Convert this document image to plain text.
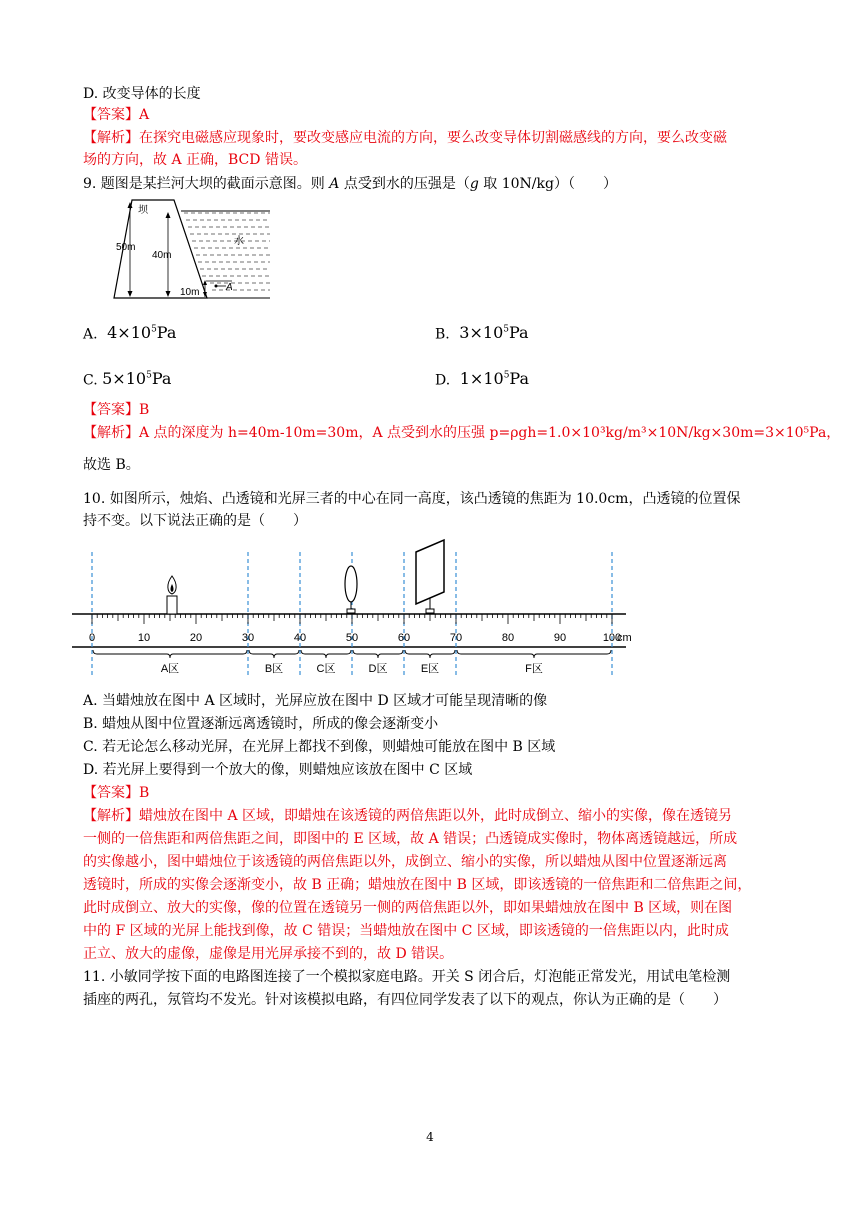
D. 改变导体的长度
【答案】A
【解析】在探究电磁感应现象时，要改变感应电流的方向，要么改变导体切割磁感线的方向，要么改变磁
场的方向，故 A 正确，BCD 错误。
9. 题图是某拦河大坝的截面示意图。则 A 点受到水的压强是（g 取 10N/kg）（　　）
坝
水
50m
40m
10m	A
A. $4\times 10^5Pa$	B. $3\times 10^5Pa$
C. $5\times 10^5Pa$	D. $1\times 10^5Pa$
【答案】B
【解析】A 点的深度为 h=40m-10m=30m，A 点受到水的压强 p=ρgh=1.0×10³kg/m³×10N/kg×30m=3×10⁵Pa，
故选 B。
10. 如图所示，烛焰、凸透镜和光屏三者的中心在同一高度，该凸透镜的焦距为 10.0cm，凸透镜的位置保
持不变。以下说法正确的是（　　）
0	10	20	30	40	50	60	70	80	90	100
cm
A区	B区	C区	D区	E区	F区
A. 当蜡烛放在图中 A 区域时，光屏应放在图中 D 区域才可能呈现清晰的像
B. 蜡烛从图中位置逐渐远离透镜时，所成的像会逐渐变小
C. 若无论怎么移动光屏，在光屏上都找不到像，则蜡烛可能放在图中 B 区域
D. 若光屏上要得到一个放大的像，则蜡烛应该放在图中 C 区域
【答案】B
【解析】蜡烛放在图中 A 区域，即蜡烛在该透镜的两倍焦距以外，此时成倒立、缩小的实像，像在透镜另
一侧的一倍焦距和两倍焦距之间，即图中的 E 区域，故 A 错误；凸透镜成实像时，物体离透镜越远，所成
的实像越小，图中蜡烛位于该透镜的两倍焦距以外，成倒立、缩小的实像，所以蜡烛从图中位置逐渐远离
透镜时，所成的实像会逐渐变小，故 B 正确；蜡烛放在图中 B 区域，即该透镜的一倍焦距和二倍焦距之间，
此时成倒立、放大的实像，像的位置在透镜另一侧的两倍焦距以外，即如果蜡烛放在图中 B 区域，则在图
中的 F 区域的光屏上能找到像，故 C 错误；当蜡烛放在图中 C 区域，即该透镜的一倍焦距以内，此时成
正立、放大的虚像，虚像是用光屏承接不到的，故 D 错误。
11. 小敏同学按下面的电路图连接了一个模拟家庭电路。开关 S 闭合后，灯泡能正常发光，用试电笔检测
插座的两孔，氖管均不发光。针对该模拟电路，有四位同学发表了以下的观点，你认为正确的是（　　）
4
